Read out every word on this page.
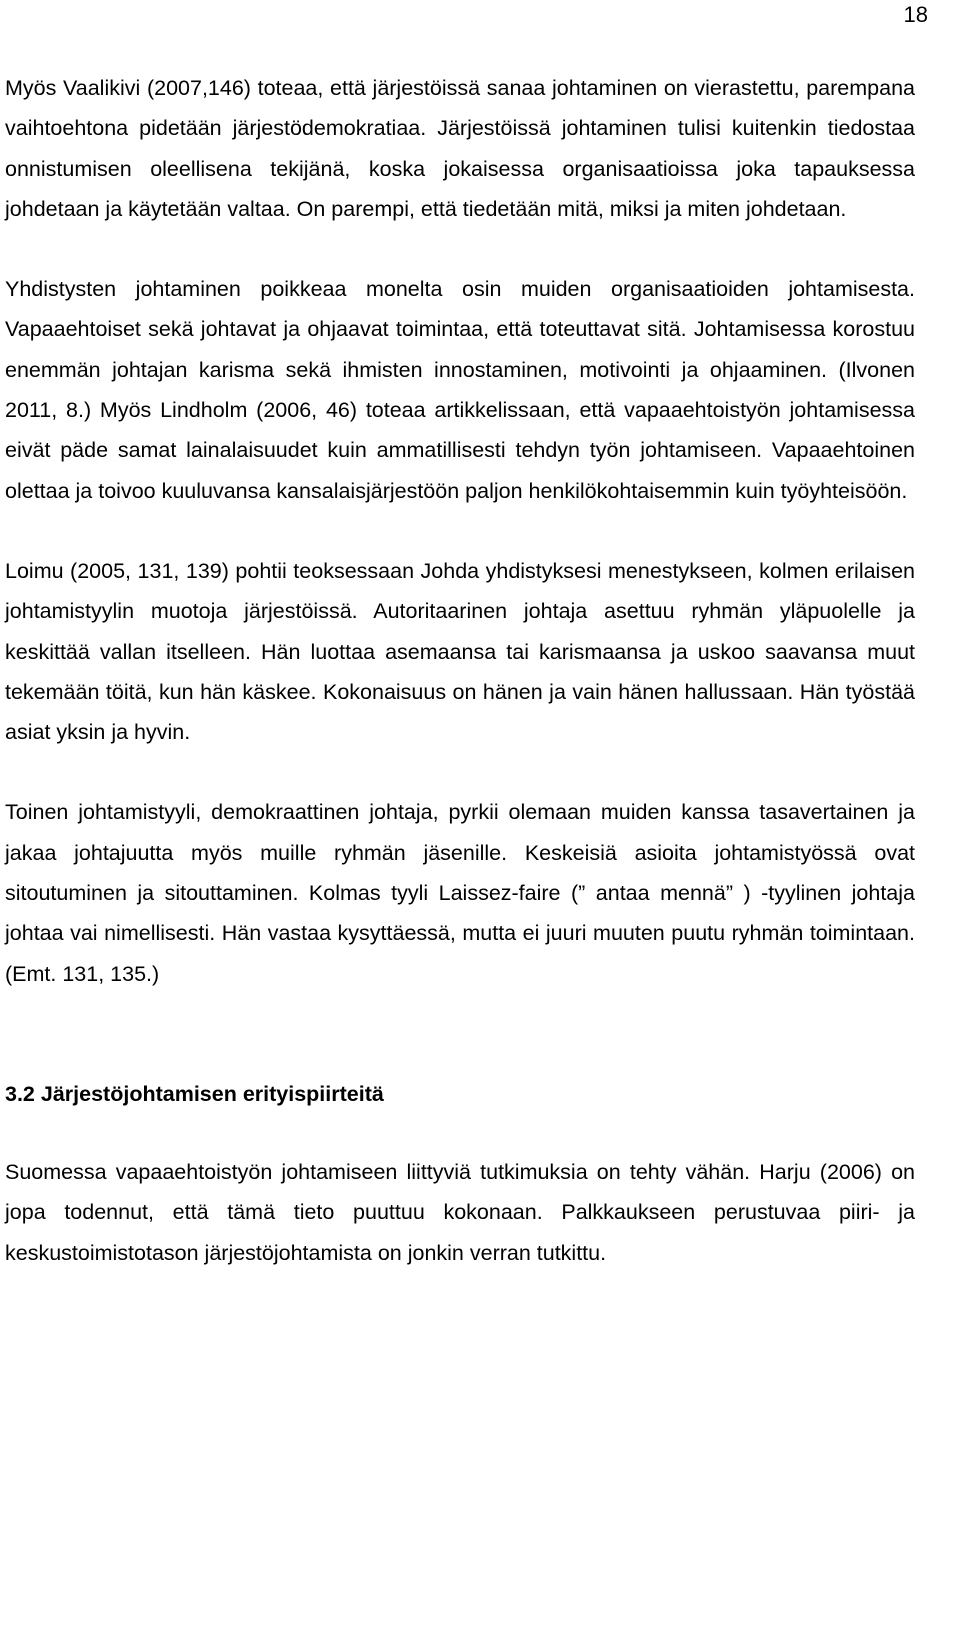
18

Myös Vaalikivi (2007,146) toteaa, että järjestöissä sanaa johtaminen on vierastettu, parempana vaihtoehtona pidetään järjestödemokratiaa. Järjestöissä johtaminen tulisi kuitenkin tiedostaa onnistumisen oleellisena tekijänä, koska jokaisessa organisaatioissa joka tapauksessa johdetaan ja käytetään valtaa. On parempi, että tiedetään mitä, miksi ja miten johdetaan.

Yhdistysten johtaminen poikkeaa monelta osin muiden organisaatioiden johtamisesta. Vapaaehtoiset sekä johtavat ja ohjaavat toimintaa, että toteuttavat sitä. Johtamisessa korostuu enemmän johtajan karisma sekä ihmisten innostaminen, motivointi ja ohjaaminen. (Ilvonen 2011, 8.) Myös Lindholm (2006, 46) toteaa artikkelissaan, että vapaaehtoistyön johtamisessa eivät päde samat lainalaisuudet kuin ammatillisesti tehdyn työn johtamiseen. Vapaaehtoinen olettaa ja toivoo kuuluvansa kansalaisjärjestöön paljon henkilökohtaisemmin kuin työyhteisöön.

Loimu (2005, 131, 139) pohtii teoksessaan Johda yhdistyksesi menestykseen, kolmen erilaisen johtamistyylin muotoja järjestöissä. Autoritaarinen johtaja asettuu ryhmän yläpuolelle ja keskittää vallan itselleen. Hän luottaa asemaansa tai karismaansa ja uskoo saavansa muut tekemään töitä, kun hän käskee. Kokonaisuus on hänen ja vain hänen hallussaan. Hän työstää asiat yksin ja hyvin.

Toinen johtamistyyli, demokraattinen johtaja, pyrkii olemaan muiden kanssa tasavertainen ja jakaa johtajuutta myös muille ryhmän jäsenille. Keskeisiä asioita johtamistyössä ovat sitoutuminen ja sitouttaminen. Kolmas tyyli Laissez-faire (” antaa mennä” ) -tyylinen johtaja johtaa vai nimellisesti. Hän vastaa kysyttäessä, mutta ei juuri muuten puutu ryhmän toimintaan. (Emt. 131, 135.)

3.2 Järjestöjohtamisen erityispiirteitä

Suomessa vapaaehtoistyön johtamiseen liittyviä tutkimuksia on tehty vähän. Harju (2006) on jopa todennut, että tämä tieto puuttuu kokonaan. Palkkaukseen perustuvaa piiri- ja keskustoimistotason järjestöjohtamista on jonkin verran tutkittu.
